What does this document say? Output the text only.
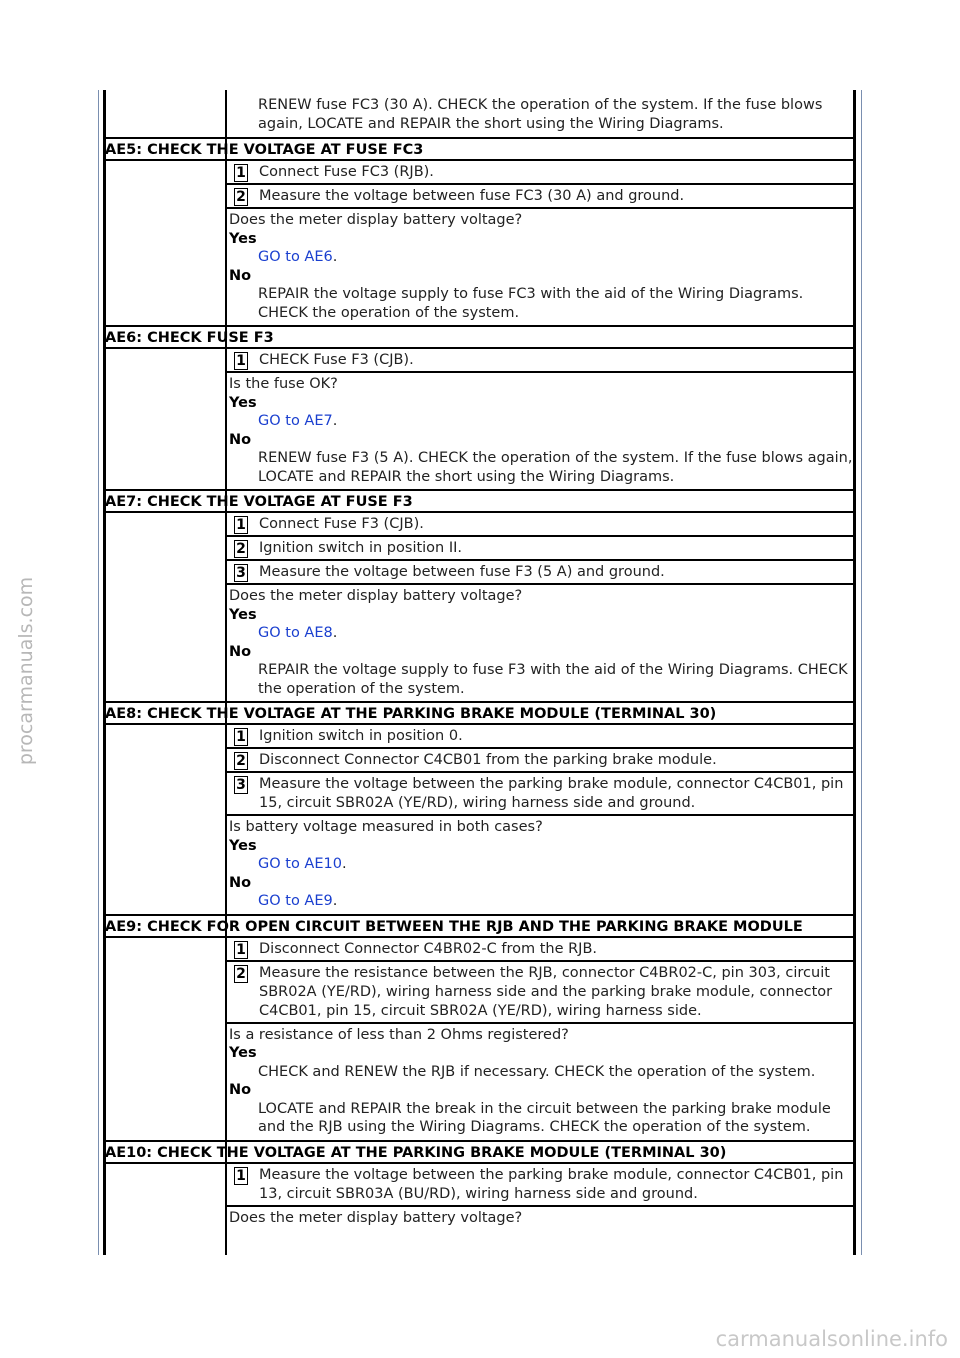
RENEW fuse FC3 (30 A). CHECK the operation of the system. If the fuse blows again, LOCATE and REPAIR the short using the Wiring Diagrams.
AE5: CHECK THE VOLTAGE AT FUSE FC3
1 Connect Fuse FC3 (RJB).
2 Measure the voltage between fuse FC3 (30 A) and ground.
Does the meter display battery voltage?
Yes
GO to AE6.
No
REPAIR the voltage supply to fuse FC3 with the aid of the Wiring Diagrams. CHECK the operation of the system.
AE6: CHECK FUSE F3
1 CHECK Fuse F3 (CJB).
Is the fuse OK?
Yes
GO to AE7.
No
RENEW fuse F3 (5 A). CHECK the operation of the system. If the fuse blows again, LOCATE and REPAIR the short using the Wiring Diagrams.
AE7: CHECK THE VOLTAGE AT FUSE F3
1 Connect Fuse F3 (CJB).
2 Ignition switch in position II.
3 Measure the voltage between fuse F3 (5 A) and ground.
Does the meter display battery voltage?
Yes
GO to AE8.
No
REPAIR the voltage supply to fuse F3 with the aid of the Wiring Diagrams. CHECK the operation of the system.
AE8: CHECK THE VOLTAGE AT THE PARKING BRAKE MODULE (TERMINAL 30)
1 Ignition switch in position 0.
2 Disconnect Connector C4CB01 from the parking brake module.
3 Measure the voltage between the parking brake module, connector C4CB01, pin 15, circuit SBR02A (YE/RD), wiring harness side and ground.
Is battery voltage measured in both cases?
Yes
GO to AE10.
No
GO to AE9.
AE9: CHECK FOR OPEN CIRCUIT BETWEEN THE RJB AND THE PARKING BRAKE MODULE
1 Disconnect Connector C4BR02-C from the RJB.
2 Measure the resistance between the RJB, connector C4BR02-C, pin 303, circuit SBR02A (YE/RD), wiring harness side and the parking brake module, connector C4CB01, pin 15, circuit SBR02A (YE/RD), wiring harness side.
Is a resistance of less than 2 Ohms registered?
Yes
CHECK and RENEW the RJB if necessary. CHECK the operation of the system.
No
LOCATE and REPAIR the break in the circuit between the parking brake module and the RJB using the Wiring Diagrams. CHECK the operation of the system.
AE10: CHECK THE VOLTAGE AT THE PARKING BRAKE MODULE (TERMINAL 30)
1 Measure the voltage between the parking brake module, connector C4CB01, pin 13, circuit SBR03A (BU/RD), wiring harness side and ground.
Does the meter display battery voltage?
procarmanuals.com
carmanualsonline.info
